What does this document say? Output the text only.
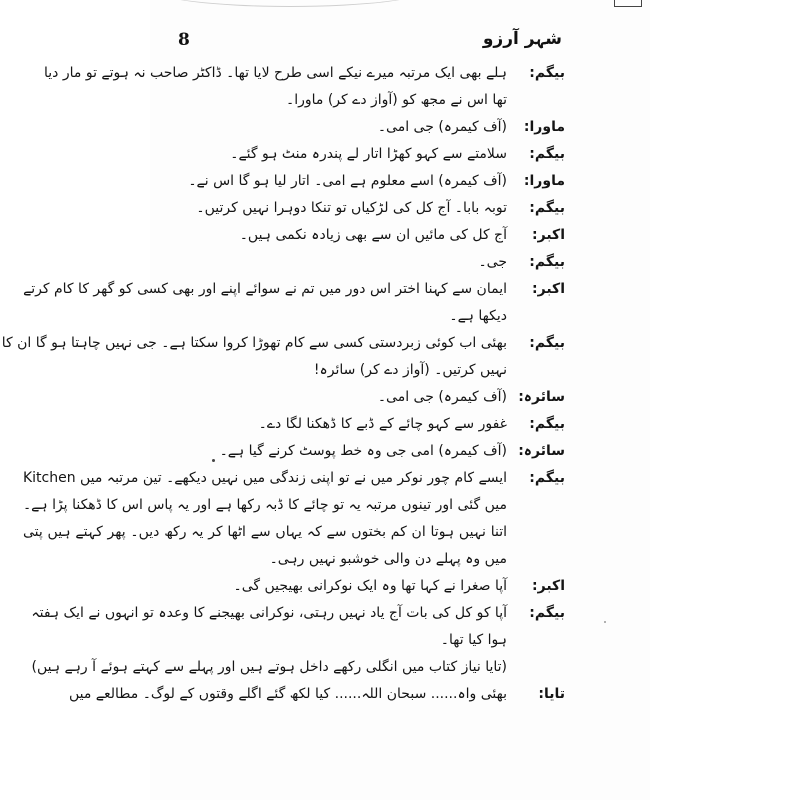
8	شہر آرزو
بیگم:
ہلے بھی ایک مرتبہ میرے نیکے اسی طرح لایا تھا۔ ڈاکٹر صاحب نہ ہوتے تو مار دیا
تھا اس نے مجھ کو (آواز دے کر) ماورا۔
ماورا:
(آف کیمرہ) جی امی۔
بیگم:
سلامتے سے کہو کھڑا اتار لے پندرہ منٹ ہو گئے۔
ماورا:
(آف کیمرہ) اسے معلوم ہے امی۔ اتار لیا ہو گا اس نے۔
بیگم:
توبہ بابا۔ آج کل کی لڑکیاں تو تنکا دوہرا نہیں کرتیں۔
اکبر:
آج کل کی مائیں ان سے بھی زیادہ نکمی ہیں۔
بیگم:
جی۔
اکبر:
ایمان سے کہنا اختر اس دور میں تم نے سوائے اپنے اور بھی کسی کو گھر کا کام کرتے
دیکھا ہے۔
بیگم:
بھئی اب کوئی زبردستی کسی سے کام تھوڑا کروا سکتا ہے۔ جی نہیں چاہتا ہو گا ان کا
نہیں کرتیں۔ (آواز دے کر) سائرہ!
سائرہ:
(آف کیمرہ) جی امی۔
بیگم:
غفور سے کہو چائے کے ڈبے کا ڈھکنا لگا دے۔
سائرہ:
(آف کیمرہ) امی جی وہ خط پوسٹ کرنے گیا ہے۔
بیگم:
ایسے کام چور نوکر میں نے تو اپنی زندگی میں نہیں دیکھے۔ تین مرتبہ میں Kitchen
میں گئی اور تینوں مرتبہ یہ تو چائے کا ڈبہ رکھا ہے اور یہ پاس اس کا ڈھکنا پڑا ہے۔
اتنا نہیں ہوتا ان کم بختوں سے کہ یہاں سے اٹھا کر یہ رکھ دیں۔ پھر کہتے ہیں پتی
میں وہ پہلے دن والی خوشبو نہیں رہی۔
اکبر:
آپا صغرا نے کہا تھا وہ ایک نوکرانی بھیجیں گی۔
بیگم:
آپا کو کل کی بات آج یاد نہیں رہتی، نوکرانی بھیجنے کا وعدہ تو انہوں نے ایک ہفتہ
ہوا کیا تھا۔
(تایا نیاز کتاب میں انگلی رکھے داخل ہوتے ہیں اور پہلے سے کہتے ہوئے آ رہے ہیں)
تایا:
بھئی واہ...... سبحان اللہ...... کیا لکھ گئے اگلے وقتوں کے لوگ۔ مطالعے میں
